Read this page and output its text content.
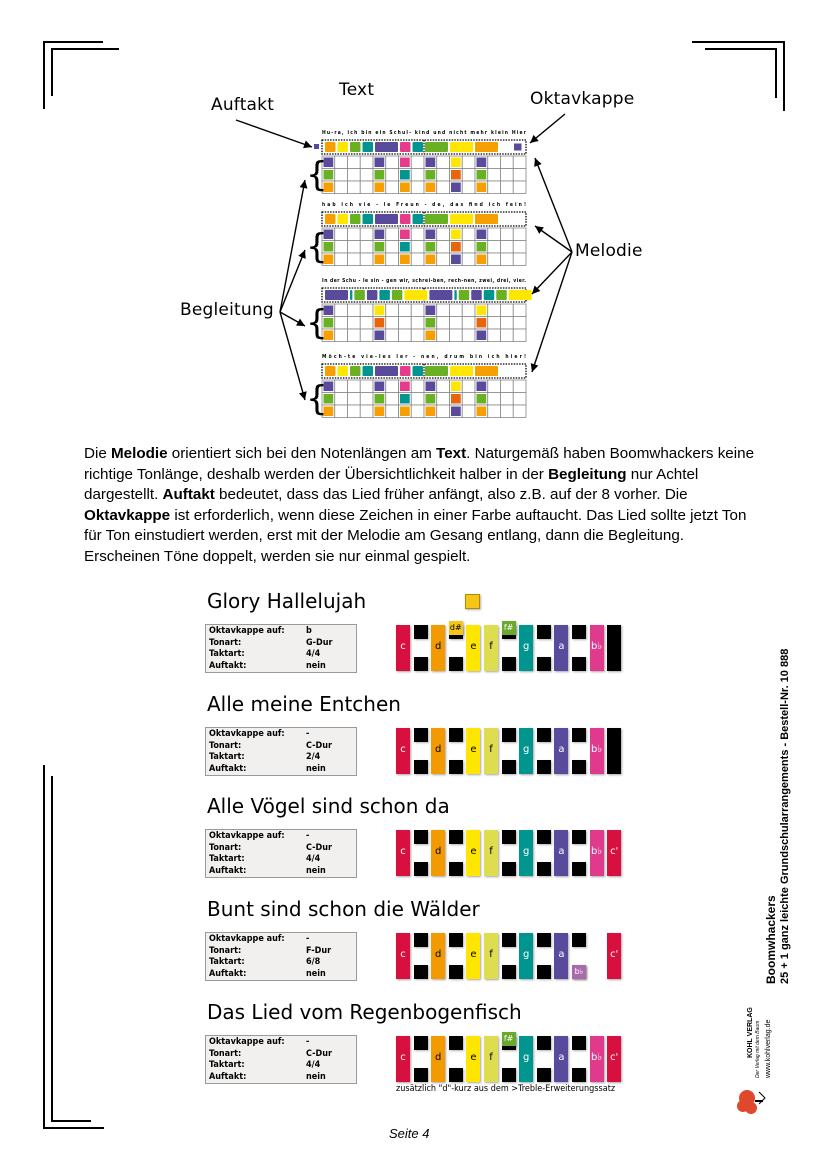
Auftakt
Text	Oktavkappe
Melodie
Begleitung
Hu-ra, ich bin ein Schul- kind und nicht mehr klein Hier
{
hab ich vie - le Freun - de, das find ich fein!
{
In der Schu - le sin - gen wir, schrei-ben, rech-nen, zwei, drei, vier.
{
Möch-te vie-les ler - nen, drum bin ich hier!
{
Die Melodie orientiert sich bei den Notenlängen am Text. Naturgemäß haben Boomwhackers keine richtige Tonlänge, deshalb werden der Übersichtlichkeit halber in der Begleitung nur Achtel dargestellt. Auftakt bedeutet, dass das Lied früher anfängt, also z.B. auf der 8 vorher. Die Oktavkappe ist erforderlich, wenn diese Zeichen in einer Farbe auftaucht. Das Lied sollte jetzt Ton für Ton einstudiert werden, erst mit der Melodie am Gesang entlang, dann die Begleitung. Erscheinen Töne doppelt, werden sie nur einmal gespielt.
Glory Hallelujah
Oktavkappe auf: b
Tonart:	G-Dur
Taktart:	4/4
Auftakt:	nein
c	d	e	f	g	a	b♭
d#	f#
Alle meine Entchen
Oktavkappe auf: -
Tonart:	C-Dur
Taktart:	2/4
Auftakt:	nein
c	d	e	f	g	a	b♭
Alle Vögel sind schon da
Oktavkappe auf: -
Tonart:	C-Dur
Taktart:	4/4
Auftakt:	nein
c	d	e	f	g	a	b♭ c'
Bunt sind schon die Wälder
Oktavkappe auf: -
Tonart:	F-Dur
Taktart:	6/8
Auftakt:	nein
c	d	e	f	g	a
b♭
c'
Das Lied vom Regenbogenfisch
Oktavkappe auf: -
Tonart:	C-Dur
Taktart:	4/4
Auftakt:	nein
c	d	e	f	g	a	b♭
f#
c'
zusätzlich "d"-kurz aus dem >Treble-Erweiterungssatz
Boomwhackers 25 + 1 ganz leichte Grundschularrangements - Bestell-Nr. 10 888
KOHL VERLAG Der Verlag mit dem Baum www.kohlverlag.de
Seite 4
